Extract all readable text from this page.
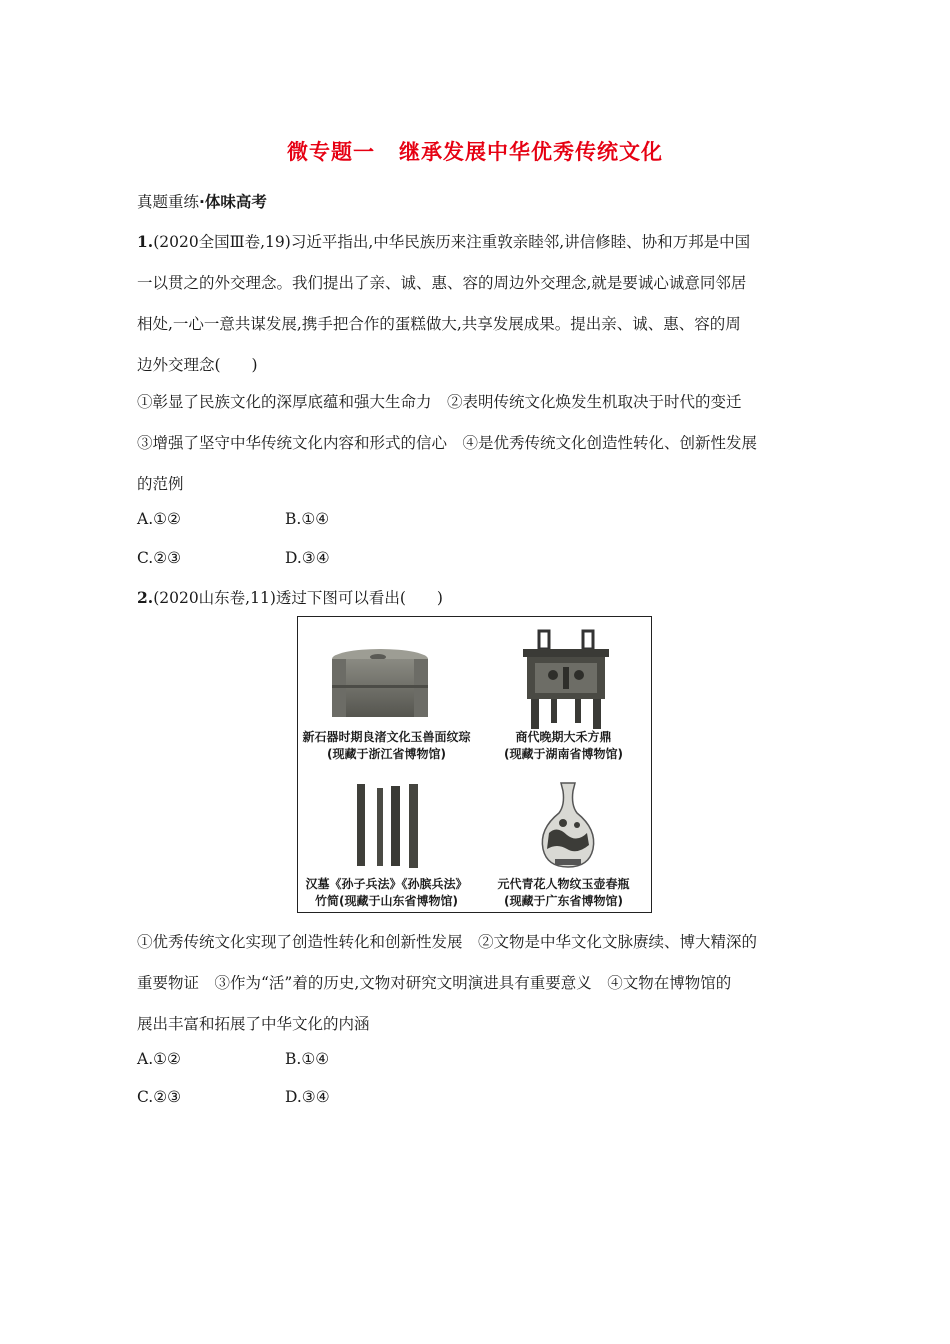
微专题一 继承发展中华优秀传统文化
真题重练·体味高考
1.(2020全国Ⅲ卷,19)习近平指出,中华民族历来注重敦亲睦邻,讲信修睦、协和万邦是中国
一以贯之的外交理念。我们提出了亲、诚、惠、容的周边外交理念,就是要诚心诚意同邻居
相处,一心一意共谋发展,携手把合作的蛋糕做大,共享发展成果。提出亲、诚、惠、容的周
边外交理念(　　)
①彰显了民族文化的深厚底蕴和强大生命力　②表明传统文化焕发生机取决于时代的变迁
③增强了坚守中华传统文化内容和形式的信心　④是优秀传统文化创造性转化、创新性发展
的范例
A.①②	B.①④
C.②③	D.③④
2.(2020山东卷,11)透过下图可以看出(　　)
新石器时期良渚文化玉兽面纹琮
(现藏于浙江省博物馆)
商代晚期大禾方鼎
(现藏于湖南省博物馆)
汉墓《孙子兵法》《孙膑兵法》
竹简(现藏于山东省博物馆)
元代青花人物纹玉壶春瓶
(现藏于广东省博物馆)
①优秀传统文化实现了创造性转化和创新性发展　②文物是中华文化文脉赓续、博大精深的
重要物证　③作为“活”着的历史,文物对研究文明演进具有重要意义　④文物在博物馆的
展出丰富和拓展了中华文化的内涵
A.①②	B.①④
C.②③	D.③④
